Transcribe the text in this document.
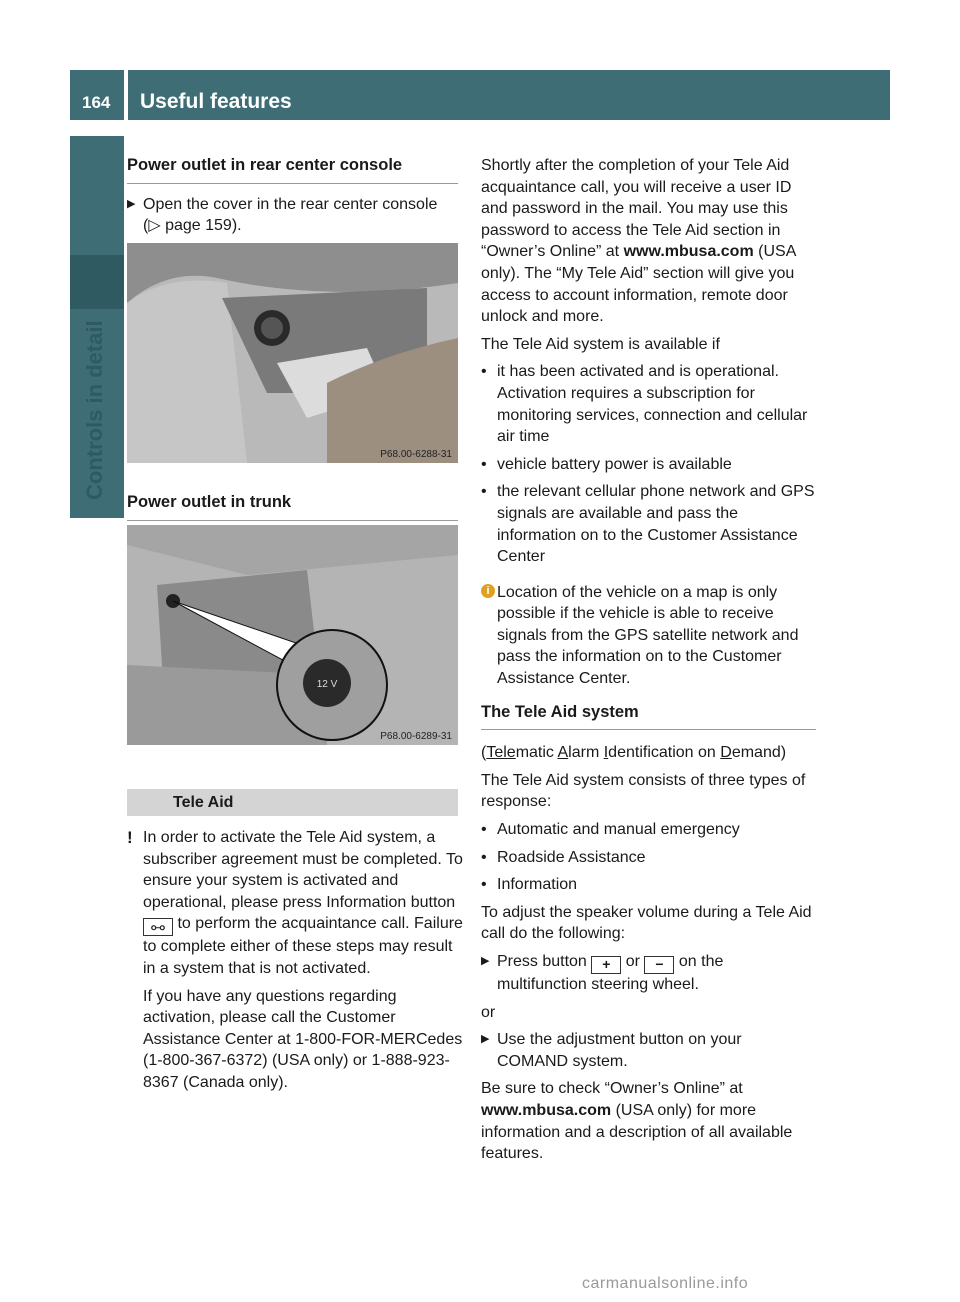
164	Useful features
Controls in detail

Power outlet in rear center console

▶ Open the cover in the rear center console (▷ page 159).

P68.00-6288-31

Power outlet in trunk

12 V
P68.00-6289-31
Tele Aid

! In order to activate the Tele Aid system, a subscriber agreement must be completed. To ensure your system is activated and operational, please press Information button ⧟ to perform the acquaintance call. Failure to complete either of these steps may result in a system that is not activated.

If you have any questions regarding activation, please call the Customer Assistance Center at 1-800-FOR-MERCedes (1-800-367-6372) (USA only) or 1-888-923-8367 (Canada only).

Shortly after the completion of your Tele Aid acquaintance call, you will receive a user ID and password in the mail. You may use this password to access the Tele Aid section in “Owner’s Online” at www.mbusa.com (USA only). The “My Tele Aid” section will give you access to account information, remote door unlock and more.

The Tele Aid system is available if

• it has been activated and is operational. Activation requires a subscription for monitoring services, connection and cellular air time

• vehicle battery power is available

• the relevant cellular phone network and GPS signals are available and pass the information on to the Customer Assistance Center

i Location of the vehicle on a map is only possible if the vehicle is able to receive signals from the GPS satellite network and pass the information on to the Customer Assistance Center.

The Tele Aid system

(Telematic Alarm Identification on Demand)

The Tele Aid system consists of three types of response:

• Automatic and manual emergency

• Roadside Assistance

• Information

To adjust the speaker volume during a Tele Aid call do the following:

▶ Press button + or − on the multifunction steering wheel.

or

▶ Use the adjustment button on your COMAND system.

Be sure to check “Owner’s Online” at www.mbusa.com (USA only) for more information and a description of all available features.

carmanualsonline.info
